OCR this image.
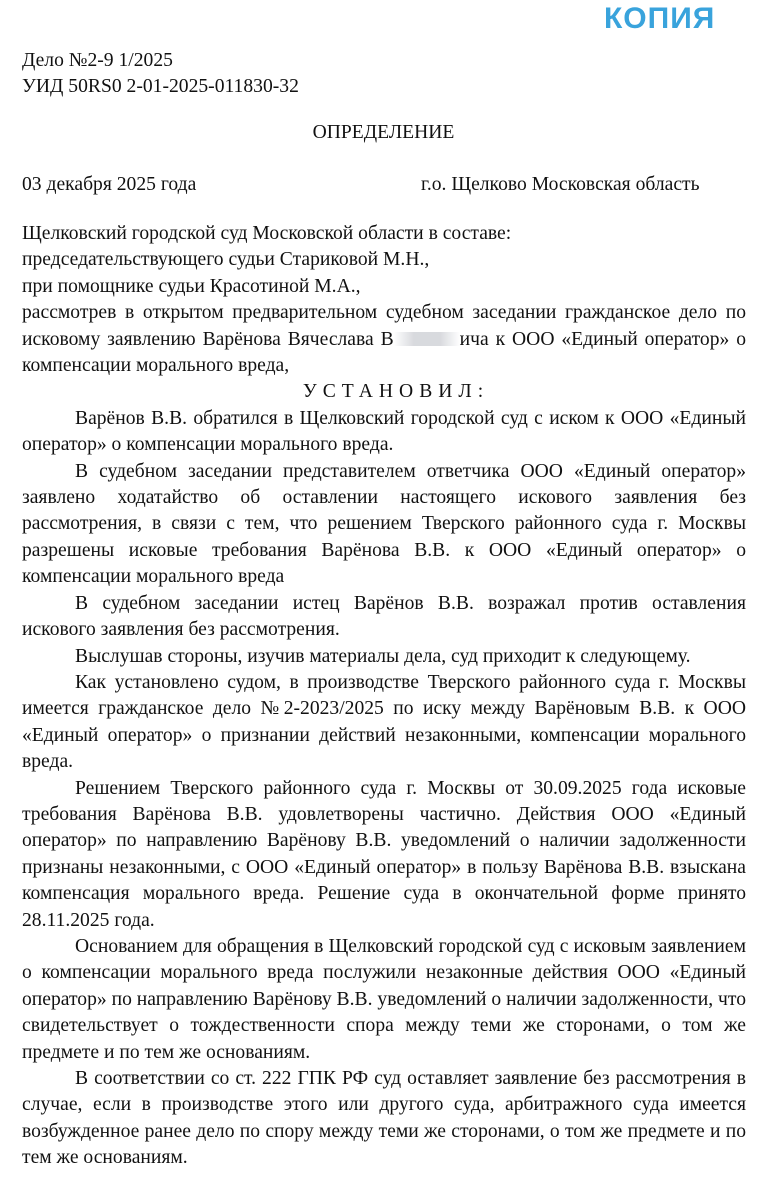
КОПИЯ
Дело №2-9 1/2025
УИД 50RS0 2-01-2025-011830-32
ОПРЕДЕЛЕНИЕ
03 декабря 2025 года	г.о. Щелково Московская область

Щелковский городской суд Московской области в составе:

председательствующего судьи Стариковой М.Н.,

при помощнике судьи Красотиной М.А.,

рассмотрев в открытом предварительном судебном заседании гражданское дело по исковому заявлению Варёнова Вячеслава В	ича к ООО «Единый оператор» о компенсации морального вреда,

УСТАНОВИЛ:

Варёнов В.В. обратился в Щелковский городской суд с иском к ООО «Единый оператор» о компенсации морального вреда.

В судебном заседании представителем ответчика ООО «Единый оператор» заявлено ходатайство об оставлении настоящего искового заявления без рассмотрения, в связи с тем, что решением Тверского районного суда г. Москвы разрешены исковые требования Варёнова В.В. к ООО «Единый оператор» о компенсации морального вреда

В судебном заседании истец Варёнов В.В. возражал против оставления искового заявления без рассмотрения.

Выслушав стороны, изучив материалы дела, суд приходит к следующему.

Как установлено судом, в производстве Тверского районного суда г. Москвы имеется гражданское дело №2-2023/2025 по иску между Варёновым В.В. к ООО «Единый оператор» о признании действий незаконными, компенсации морального вреда.

Решением Тверского районного суда г. Москвы от 30.09.2025 года исковые требования Варёнова В.В. удовлетворены частично. Действия ООО «Единый оператор» по направлению Варёнову В.В. уведомлений о наличии задолженности признаны незаконными, с ООО «Единый оператор» в пользу Варёнова В.В. взыскана компенсация морального вреда. Решение суда в окончательной форме принято 28.11.2025 года.

Основанием для обращения в Щелковский городской суд с исковым заявлением о компенсации морального вреда послужили незаконные действия ООО «Единый оператор» по направлению Варёнову В.В. уведомлений о наличии задолженности, что свидетельствует о тождественности спора между теми же сторонами, о том же предмете и по тем же основаниям.

В соответствии со ст. 222 ГПК РФ суд оставляет заявление без рассмотрения в случае, если в производстве этого или другого суда, арбитражного суда имеется возбужденное ранее дело по спору между теми же сторонами, о том же предмете и по тем же основаниям.
